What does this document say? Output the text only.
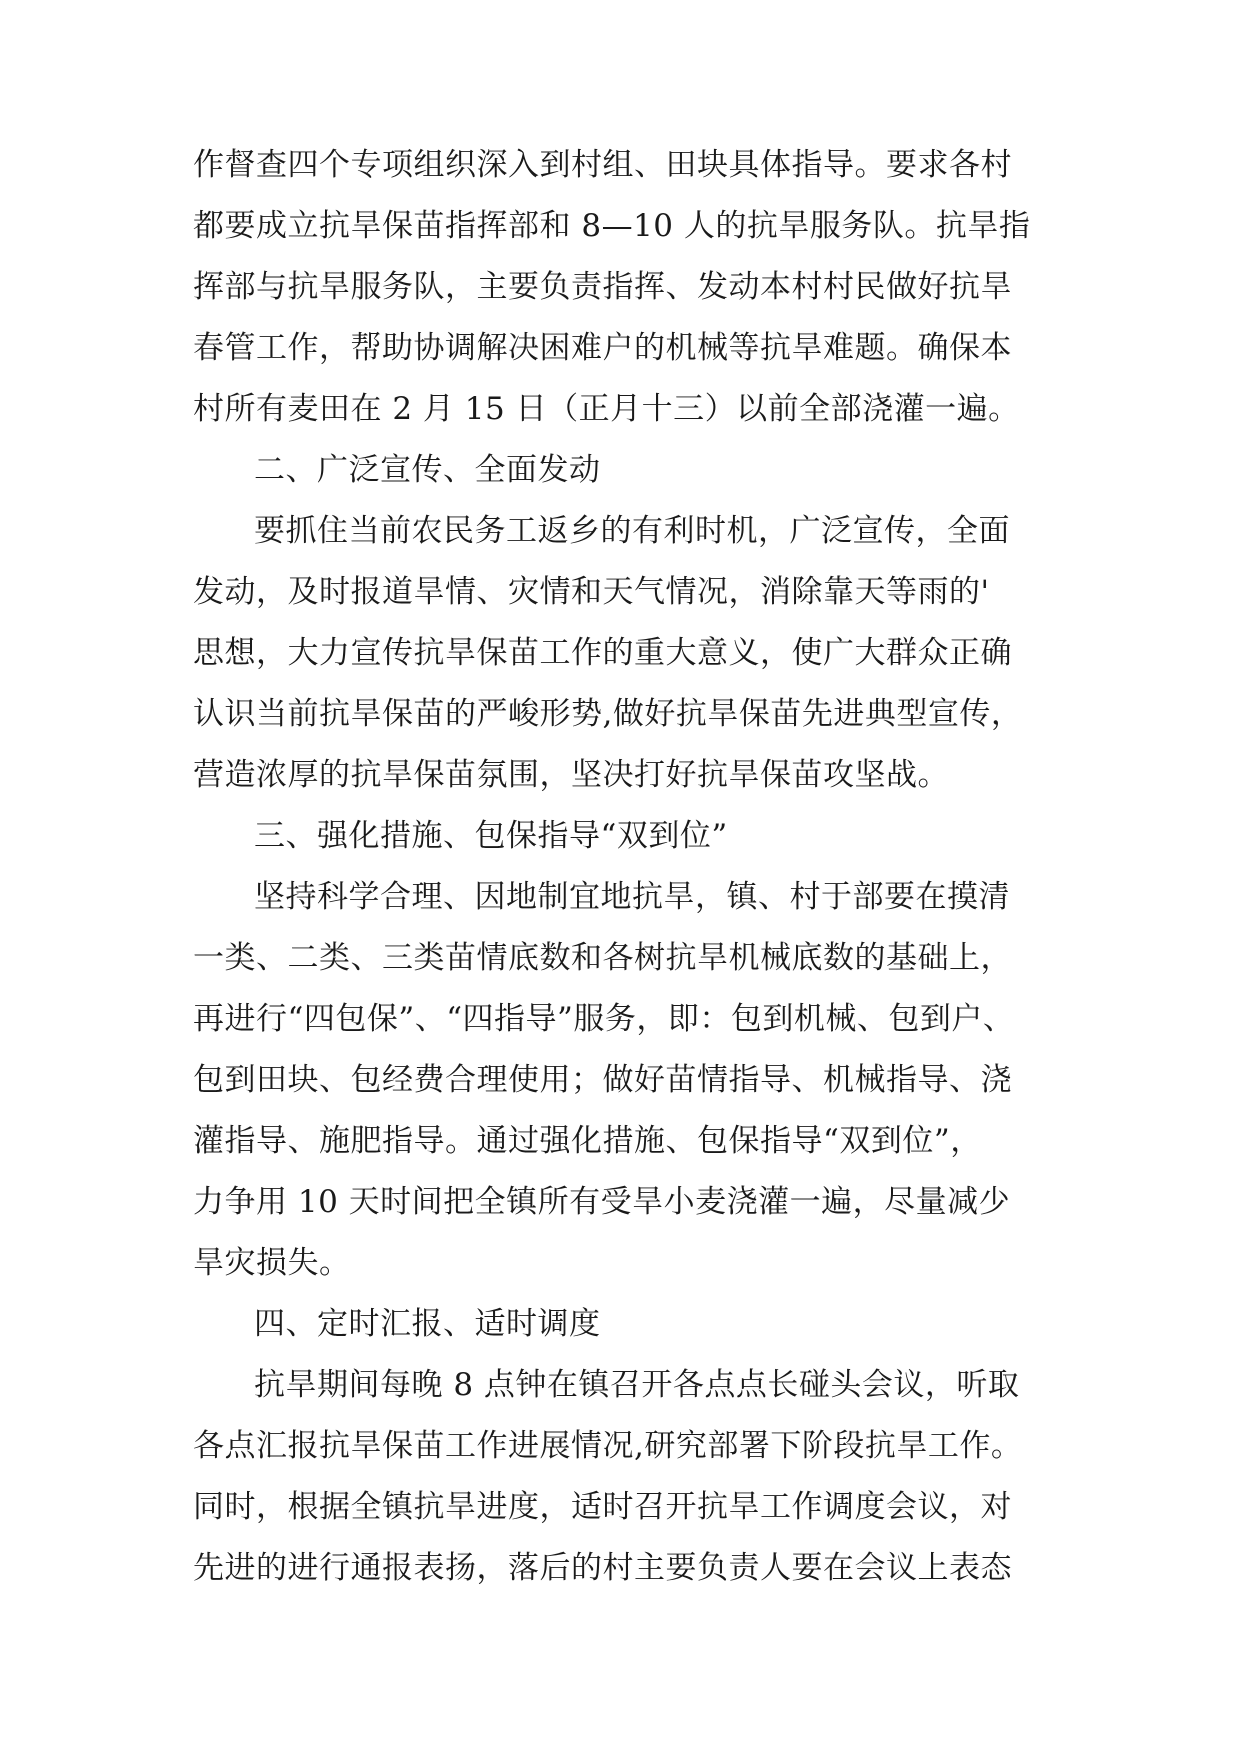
作督查四个专项组织深入到村组、田块具体指导。要求各村
都要成立抗旱保苗指挥部和 8—10 人的抗旱服务队。抗旱指
挥部与抗旱服务队，主要负责指挥、发动本村村民做好抗旱
春管工作，帮助协调解决困难户的机械等抗旱难题。确保本
村所有麦田在 2 月 15 日（正月十三）以前全部浇灌一遍。
二、广泛宣传、全面发动
要抓住当前农民务工返乡的有利时机，广泛宣传，全面
发动，及时报道旱情、灾情和天气情况，消除靠天等雨的'
思想，大力宣传抗旱保苗工作的重大意义，使广大群众正确
认识当前抗旱保苗的严峻形势,做好抗旱保苗先进典型宣传，
营造浓厚的抗旱保苗氛围，坚决打好抗旱保苗攻坚战。
三、强化措施、包保指导“双到位”
坚持科学合理、因地制宜地抗旱，镇、村于部要在摸清
一类、二类、三类苗情底数和各树抗旱机械底数的基础上，
再进行“四包保”、“四指导”服务，即：包到机械、包到户、
包到田块、包经费合理使用；做好苗情指导、机械指导、浇
灌指导、施肥指导。通过强化措施、包保指导“双到位”，
力争用 10 天时间把全镇所有受旱小麦浇灌一遍，尽量减少
旱灾损失。
四、定时汇报、适时调度
抗旱期间每晚 8 点钟在镇召开各点点长碰头会议，听取
各点汇报抗旱保苗工作进展情况,研究部署下阶段抗旱工作。
同时，根据全镇抗旱进度，适时召开抗旱工作调度会议，对
先进的进行通报表扬，落后的村主要负责人要在会议上表态
